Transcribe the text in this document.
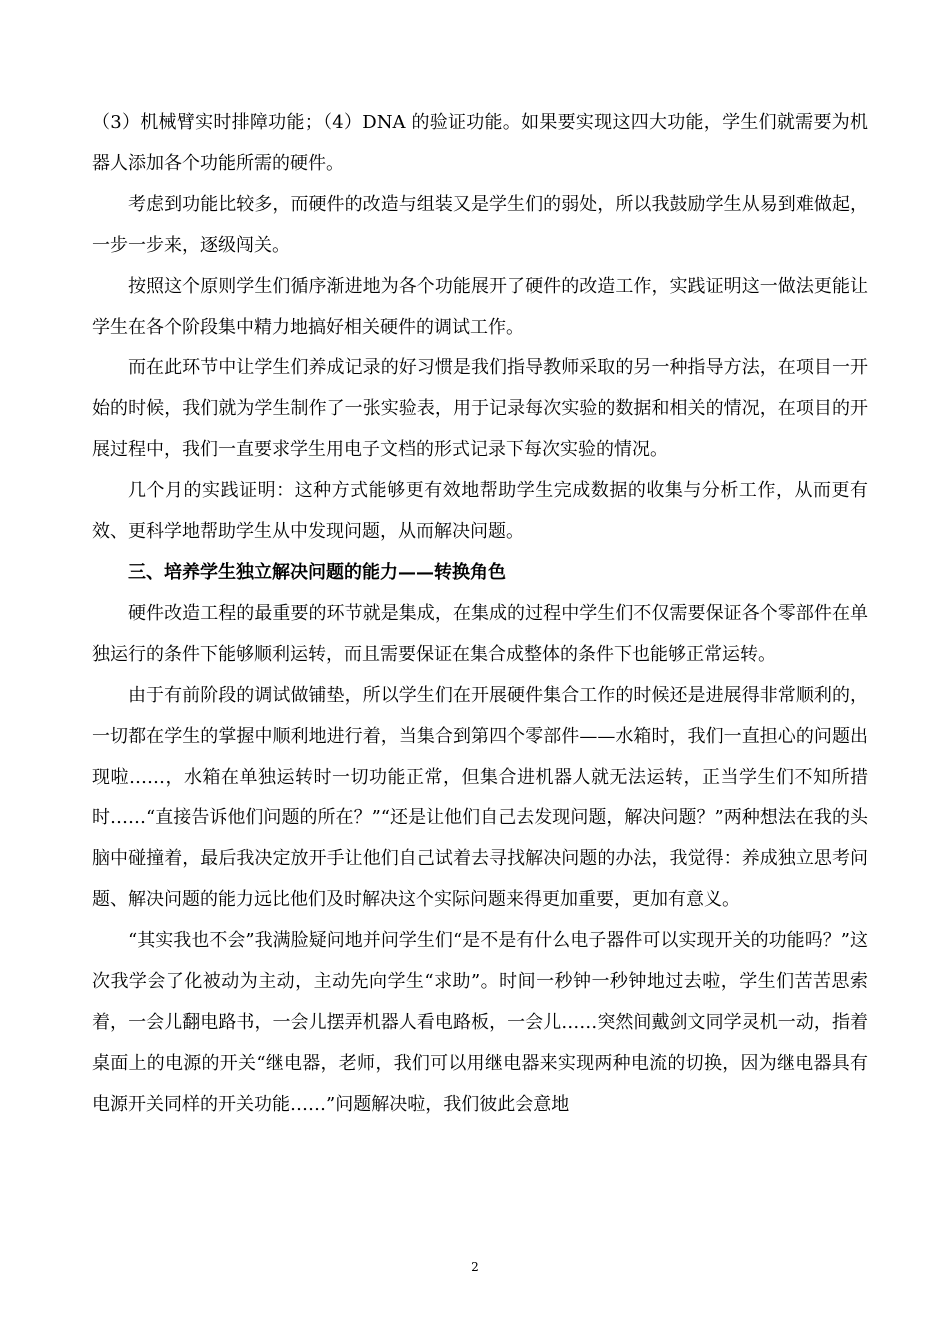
（3）机械臂实时排障功能；（4）DNA 的验证功能。如果要实现这四大功能，学生们就需要为机器人添加各个功能所需的硬件。

考虑到功能比较多，而硬件的改造与组装又是学生们的弱处，所以我鼓励学生从易到难做起，一步一步来，逐级闯关。

按照这个原则学生们循序渐进地为各个功能展开了硬件的改造工作，实践证明这一做法更能让学生在各个阶段集中精力地搞好相关硬件的调试工作。

而在此环节中让学生们养成记录的好习惯是我们指导教师采取的另一种指导方法，在项目一开始的时候，我们就为学生制作了一张实验表，用于记录每次实验的数据和相关的情况，在项目的开展过程中，我们一直要求学生用电子文档的形式记录下每次实验的情况。

几个月的实践证明：这种方式能够更有效地帮助学生完成数据的收集与分析工作，从而更有效、更科学地帮助学生从中发现问题，从而解决问题。

三、培养学生独立解决问题的能力——转换角色

硬件改造工程的最重要的环节就是集成，在集成的过程中学生们不仅需要保证各个零部件在单独运行的条件下能够顺利运转，而且需要保证在集合成整体的条件下也能够正常运转。

由于有前阶段的调试做铺垫，所以学生们在开展硬件集合工作的时候还是进展得非常顺利的，一切都在学生的掌握中顺利地进行着，当集合到第四个零部件——水箱时，我们一直担心的问题出现啦……，水箱在单独运转时一切功能正常，但集合进机器人就无法运转，正当学生们不知所措时……“直接告诉他们问题的所在？”“还是让他们自己去发现问题，解决问题？”两种想法在我的头脑中碰撞着，最后我决定放开手让他们自己试着去寻找解决问题的办法，我觉得：养成独立思考问题、解决问题的能力远比他们及时解决这个实际问题来得更加重要，更加有意义。

“其实我也不会”我满脸疑问地并问学生们“是不是有什么电子器件可以实现开关的功能吗？”这次我学会了化被动为主动，主动先向学生“求助”。时间一秒钟一秒钟地过去啦，学生们苦苦思索着，一会儿翻电路书，一会儿摆弄机器人看电路板，一会儿……突然间戴剑文同学灵机一动，指着桌面上的电源的开关“继电器，老师，我们可以用继电器来实现两种电流的切换，因为继电器具有电源开关同样的开关功能……”问题解决啦，我们彼此会意地

2
